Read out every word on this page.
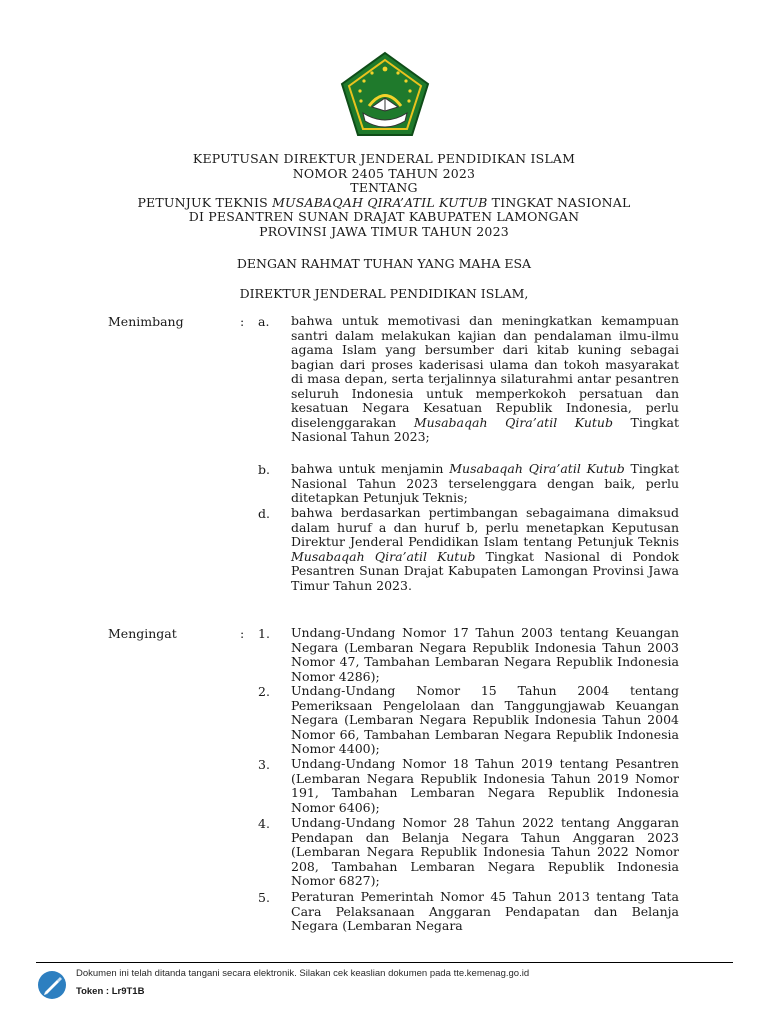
KEPUTUSAN DIREKTUR JENDERAL PENDIDIKAN ISLAM
NOMOR 2405 TAHUN 2023
TENTANG
PETUNJUK TEKNIS MUSABAQAH QIRA’ATIL KUTUB TINGKAT NASIONAL
DI PESANTREN SUNAN DRAJAT KABUPATEN LAMONGAN
PROVINSI JAWA TIMUR TAHUN 2023
DENGAN RAHMAT TUHAN YANG MAHA ESA
DIREKTUR JENDERAL PENDIDIKAN ISLAM,
Menimbang	: a. bahwa untuk memotivasi dan meningkatkan kemampuan santri dalam melakukan kajian dan pendalaman ilmu-ilmu agama Islam yang bersumber dari kitab kuning sebagai bagian dari proses kaderisasi ulama dan tokoh masyarakat di masa depan, serta terjalinnya silaturahmi antar pesantren seluruh Indonesia untuk memperkokoh persatuan dan kesatuan Negara Kesatuan Republik Indonesia, perlu diselenggarakan Musabaqah Qira’atil Kutub Tingkat Nasional Tahun 2023;

b. bahwa untuk menjamin Musabaqah Qira’atil Kutub Tingkat Nasional Tahun 2023 terselenggara dengan baik, perlu ditetapkan Petunjuk Teknis;

d. bahwa berdasarkan pertimbangan sebagaimana dimaksud dalam huruf a dan huruf b, perlu menetapkan Keputusan Direktur Jenderal Pendidikan Islam tentang Petunjuk Teknis Musabaqah Qira’atil Kutub Tingkat Nasional di Pondok Pesantren Sunan Drajat Kabupaten Lamongan Provinsi Jawa Timur Tahun 2023.

Mengingat	: 1. Undang-Undang Nomor 17 Tahun 2003 tentang Keuangan Negara (Lembaran Negara Republik Indonesia Tahun 2003 Nomor 47, Tambahan Lembaran Negara Republik Indonesia Nomor 4286);
2. Undang-Undang Nomor 15 Tahun 2004 tentang Pemeriksaan Pengelolaan dan Tanggungjawab Keuangan Negara (Lembaran Negara Republik Indonesia Tahun 2004 Nomor 66, Tambahan Lembaran Negara Republik Indonesia Nomor 4400);
3. Undang-Undang Nomor 18 Tahun 2019 tentang Pesantren (Lembaran Negara Republik Indonesia Tahun 2019 Nomor 191, Tambahan Lembaran Negara Republik Indonesia Nomor 6406);
4. Undang-Undang Nomor 28 Tahun 2022 tentang Anggaran Pendapan dan Belanja Negara Tahun Anggaran 2023 (Lembaran Negara Republik Indonesia Tahun 2022 Nomor 208, Tambahan Lembaran Negara Republik Indonesia Nomor 6827);
5. Peraturan Pemerintah Nomor 45 Tahun 2013 tentang Tata Cara Pelaksanaan Anggaran Pendapatan dan Belanja Negara (Lembaran Negara
Dokumen ini telah ditanda tangani secara elektronik. Silakan cek keaslian dokumen pada tte.kemenag.go.id
Token : Lr9T1B
